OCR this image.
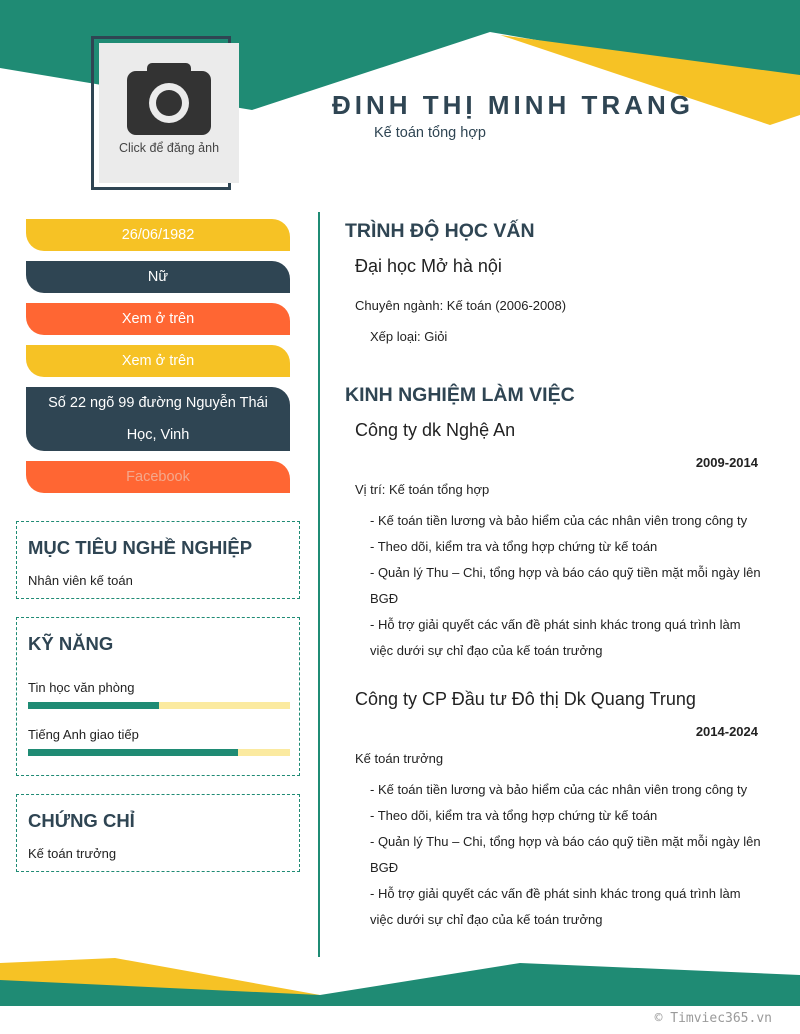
Click để đăng ảnh
ĐINH THỊ MINH TRANG
Kế toán tổng hợp
26/06/1982
Nữ
Xem ở trên
Xem ở trên
Số 22 ngõ 99 đường Nguyễn Thái Học, Vinh
Facebook
MỤC TIÊU NGHỀ NGHIỆP
Nhân viên kế toán
KỸ NĂNG
Tin học văn phòng
Tiếng Anh giao tiếp
CHỨNG CHỈ
Kế toán trưởng
TRÌNH ĐỘ HỌC VẤN
Đại học Mở hà nội
Chuyên ngành: Kế toán (2006-2008)
Xếp loại: Giỏi
KINH NGHIỆM LÀM VIỆC
Công ty dk Nghệ An
2009-2014
Vị trí: Kế toán tổng hợp
- Kế toán tiền lương và bảo hiểm của các nhân viên trong công ty
- Theo dõi, kiểm tra và tổng hợp chứng từ kế toán
- Quản lý Thu – Chi, tổng hợp và báo cáo quỹ tiền mặt mỗi ngày lên BGĐ
- Hỗ trợ giải quyết các vấn đề phát sinh khác trong quá trình làm việc dưới sự chỉ đạo của kế toán trưởng
Công ty CP Đầu tư Đô thị Dk Quang Trung
2014-2024
Kế toán trưởng
- Kế toán tiền lương và bảo hiểm của các nhân viên trong công ty
- Theo dõi, kiểm tra và tổng hợp chứng từ kế toán
- Quản lý Thu – Chi, tổng hợp và báo cáo quỹ tiền mặt mỗi ngày lên BGĐ
- Hỗ trợ giải quyết các vấn đề phát sinh khác trong quá trình làm việc dưới sự chỉ đạo của kế toán trưởng
© Timviec365.vn
